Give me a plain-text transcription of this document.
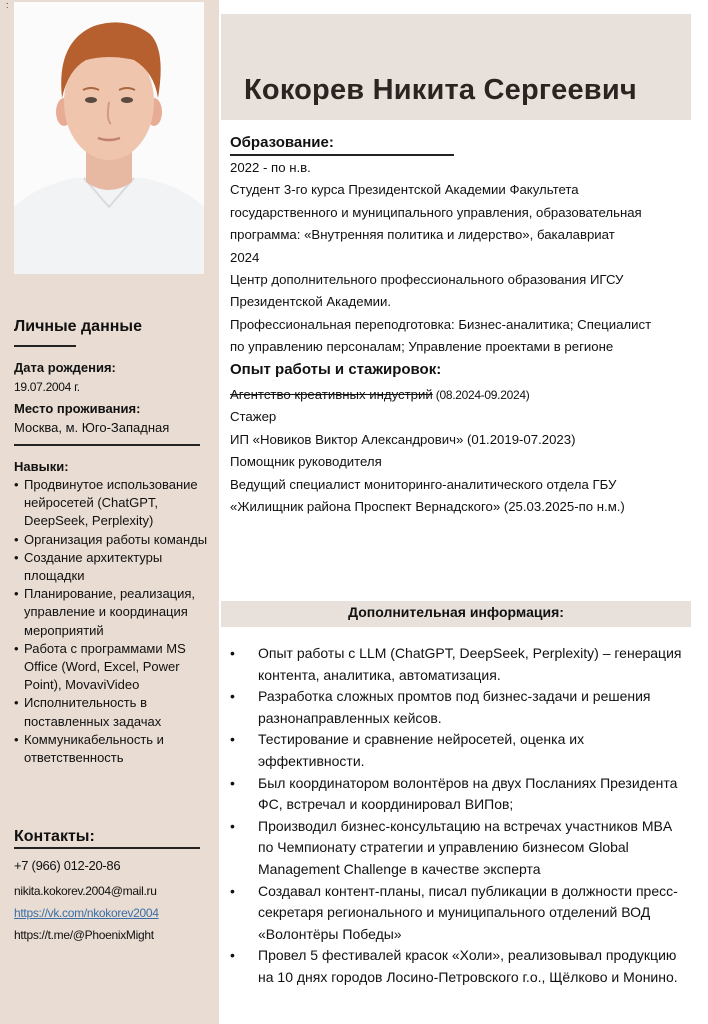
:
Личные данные
Дата рождения:
19.07.2004 г.
Место проживания:
Москва, м. Юго-Западная
Навыки:
• Продвинутое использование нейросетей (ChatGPT, DeepSeek, Perplexity)
• Организация работы команды
• Создание архитектуры площадки
• Планирование, реализация, управление и координация мероприятий
• Работа с программами MS Office (Word, Excel, Power Point), MovaviVideo
• Исполнительность в поставленных задачах
• Коммуникабельность и ответственность
Контакты:
+7 (966) 012-20-86
nikita.kokorev.2004@mail.ru
https://vk.com/nkokorev2004
https://t.me/@PhoenixMight
Кокорев Никита Сергеевич
Образование:

2022 - по н.в.

Студент 3-го курса Президентской Академии Факультета

государственного и муниципального управления, образовательная

программа: «Внутренняя политика и лидерство», бакалавриат

2024

Центр дополнительного профессионального образования ИГСУ

Президентской Академии.

Профессиональная переподготовка: Бизнес-аналитика; Специалист

по управлению персоналам; Управление проектами в регионе

Опыт работы и стажировок:

Агентство креативных индустрий (08.2024-09.2024)

Стажер

ИП «Новиков Виктор Александрович» (01.2019-07.2023)

Помощник руководителя

Ведущий специалист мониторинго-аналитического отдела ГБУ

«Жилищник района Проспект Вернадского» (25.03.2025-по н.м.)

Дополнительная информация:
• Опыт работы с LLM (ChatGPT, DeepSeek, Perplexity) – генерация контента, аналитика, автоматизация.
• Разработка сложных промтов под бизнес-задачи и решения разнонаправленных кейсов.
• Тестирование и сравнение нейросетей, оценка их эффективности.
• Был координатором волонтёров на двух Посланиях Президента ФС, встречал и координировал ВИПов;
• Производил бизнес-консультацию на встречах участников MBA по Чемпионату стратегии и управлению бизнесом Global Management Challenge в качестве эксперта
• Создавал контент-планы, писал публикации в должности пресс-секретаря регионального и муниципального отделений ВОД «Волонтёры Победы»
• Провел 5 фестивалей красок «Холи», реализовывал продукцию на 10 днях городов Лосино-Петровского г.о., Щёлково и Монино.
